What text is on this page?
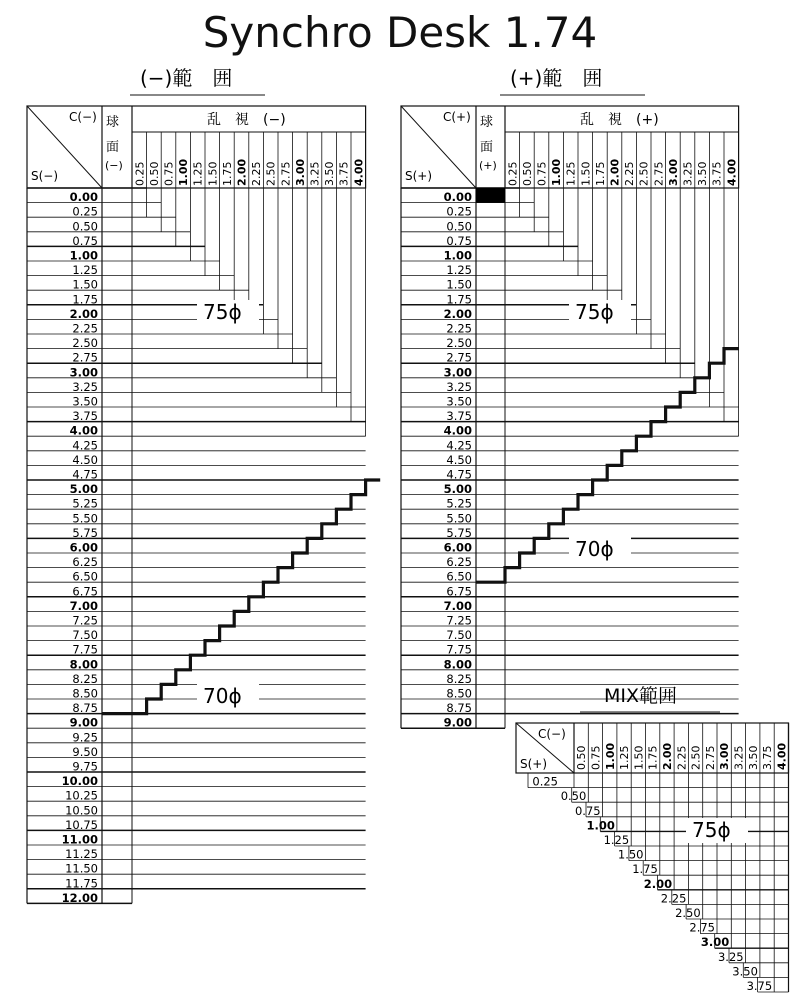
Synchro Desk 1.74
(−)範　囲
C(−)
S(−)
球
面
(−)
乱　視　(−)
0.25 0.50 0.75 1.00 1.25 1.50 1.75 2.00 2.25 2.50 2.75 3.00 3.25 3.50 3.75 4.00
0.00
0.25
0.50
0.75
1.00
1.25
1.50
1.75
2.00
2.25
2.50
2.75
3.00
3.25
3.50
3.75
4.00
4.25
4.50
4.75
5.00
5.25
5.50
5.75
6.00
6.25
6.50
6.75
7.00
7.25
7.50
7.75
8.00
8.25
8.50
8.75
9.00
9.25
9.50
9.75
10.00
10.25
10.50
10.75
11.00
11.25
11.50
11.75
12.00
75ϕ
70ϕ
(+)範　囲
C(+)
S(+)
球
面
(+)
乱　視　(+)
0.25 0.50 0.75 1.00 1.25 1.50 1.75 2.00 2.25 2.50 2.75 3.00 3.25 3.50 3.75 4.00
0.00
0.25
0.50
0.75
1.00
1.25
1.50
1.75
2.00
2.25
2.50
2.75
3.00
3.25
3.50
3.75
4.00
4.25
4.50
4.75
5.00
5.25
5.50
5.75
6.00
6.25
6.50
6.75
7.00
7.25
7.50
7.75
8.00
8.25
8.50
8.75
9.00
75ϕ
70ϕ
MIX範囲
C(−)
S(+)	0.50 0.75 1.00 1.25 1.50 1.75 2.00 2.25 2.50 2.75 3.00 3.25 3.50 3.75 4.00
0.25
0.50
0.75
1.00
1.25
1.50
1.75
2.00
2.25
2.50
2.75
3.00
3.25
3.50
3.75
75ϕ
